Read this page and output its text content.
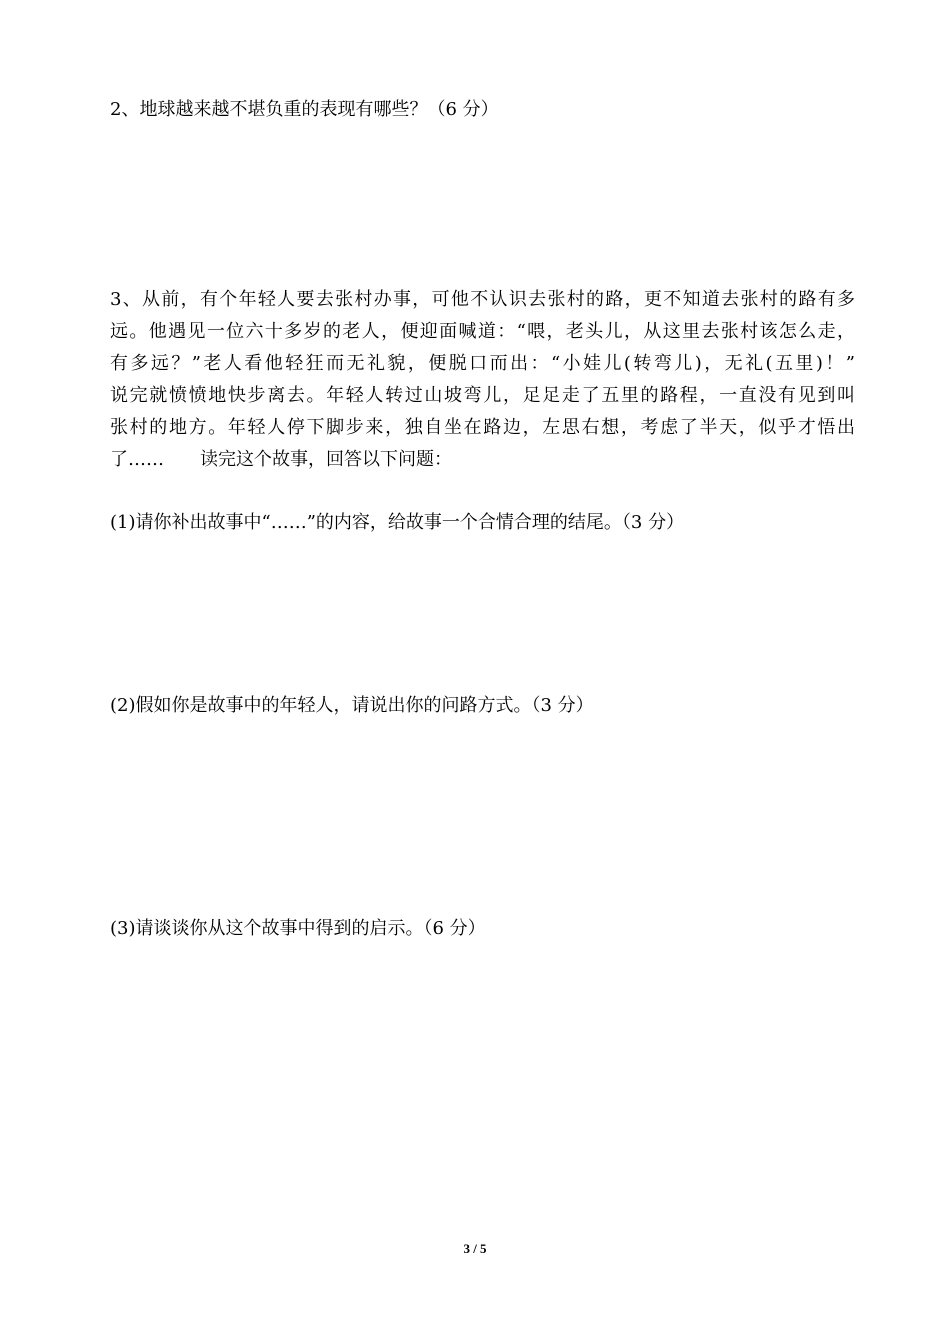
2、地球越来越不堪负重的表现有哪些？（6 分）
3、从前，有个年轻人要去张村办事，可他不认识去张村的路，更不知道去张村的路有多
远。他遇见一位六十多岁的老人，便迎面喊道：“喂，老头儿，从这里去张村该怎么走，
有多远？”老人看他轻狂而无礼貌，便脱口而出：“小娃儿(转弯儿)，无礼(五里)！”
说完就愤愤地快步离去。年轻人转过山坡弯儿，足足走了五里的路程，一直没有见到叫
张村的地方。年轻人停下脚步来，独自坐在路边，左思右想，考虑了半天，似乎才悟出
了……　　读完这个故事，回答以下问题：
(1)请你补出故事中“……”的内容，给故事一个合情合理的结尾。（3 分）
(2)假如你是故事中的年轻人，请说出你的问路方式。（3 分）
(3)请谈谈你从这个故事中得到的启示。（6 分）
3 / 5
